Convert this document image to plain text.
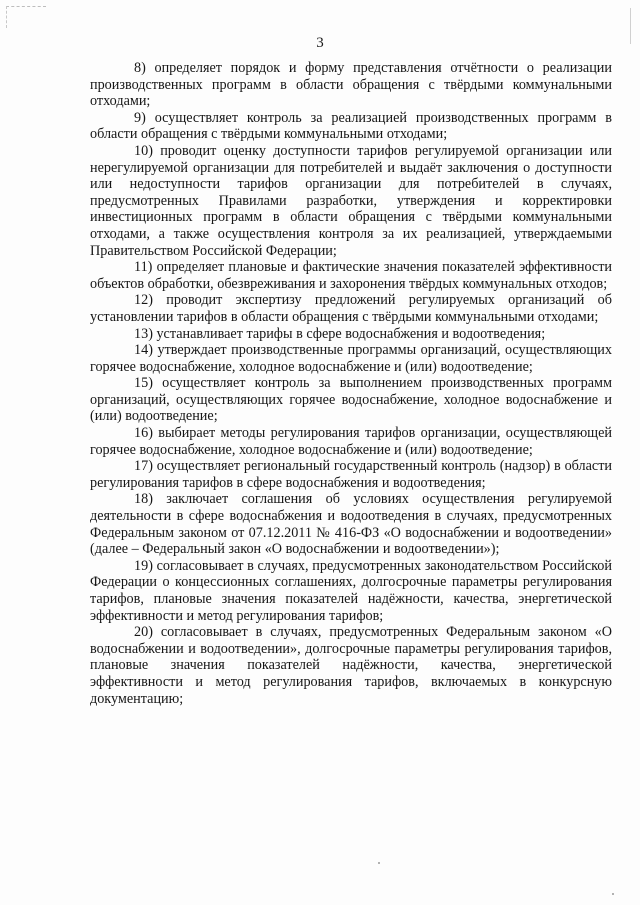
3

8) определяет порядок и форму представления отчётности о реализации производственных программ в области обращения с твёрдыми коммунальными отходами;

9) осуществляет контроль за реализацией производственных программ в области обращения с твёрдыми коммунальными отходами;

10) проводит оценку доступности тарифов регулируемой организации или нерегулируемой организации для потребителей и выдаёт заключения о доступности или недоступности тарифов организации для потребителей в случаях, предусмотренных Правилами разработки, утверждения и корректировки инвестиционных программ в области обращения с твёрдыми коммунальными отходами, а также осуществления контроля за их реализацией, утверждаемыми Правительством Российской Федерации;

11) определяет плановые и фактические значения показателей эффективности объектов обработки, обезвреживания и захоронения твёрдых коммунальных отходов;

12) проводит экспертизу предложений регулируемых организаций об установлении тарифов в области обращения с твёрдыми коммунальными отходами;

13) устанавливает тарифы в сфере водоснабжения и водоотведения;

14) утверждает производственные программы организаций, осуществляющих горячее водоснабжение, холодное водоснабжение и (или) водоотведение;

15) осуществляет контроль за выполнением производственных программ организаций, осуществляющих горячее водоснабжение, холодное водоснабжение и (или) водоотведение;

16) выбирает методы регулирования тарифов организации, осуществляющей горячее водоснабжение, холодное водоснабжение и (или) водоотведение;

17) осуществляет региональный государственный контроль (надзор) в области регулирования тарифов в сфере водоснабжения и водоотведения;

18) заключает соглашения об условиях осуществления регулируемой деятельности в сфере водоснабжения и водоотведения в случаях, предусмотренных Федеральным законом от 07.12.2011 № 416-ФЗ «О водоснабжении и водоотведении» (далее – Федеральный закон «О водоснабжении и водоотведении»);

19) согласовывает в случаях, предусмотренных законодательством Российской Федерации о концессионных соглашениях, долгосрочные параметры регулирования тарифов, плановые значения показателей надёжности, качества, энергетической эффективности и метод регулирования тарифов;

20) согласовывает в случаях, предусмотренных Федеральным законом «О водоснабжении и водоотведении», долгосрочные параметры регулирования тарифов, плановые значения показателей надёжности, качества, энергетической эффективности и метод регулирования тарифов, включаемых в конкурсную документацию;
